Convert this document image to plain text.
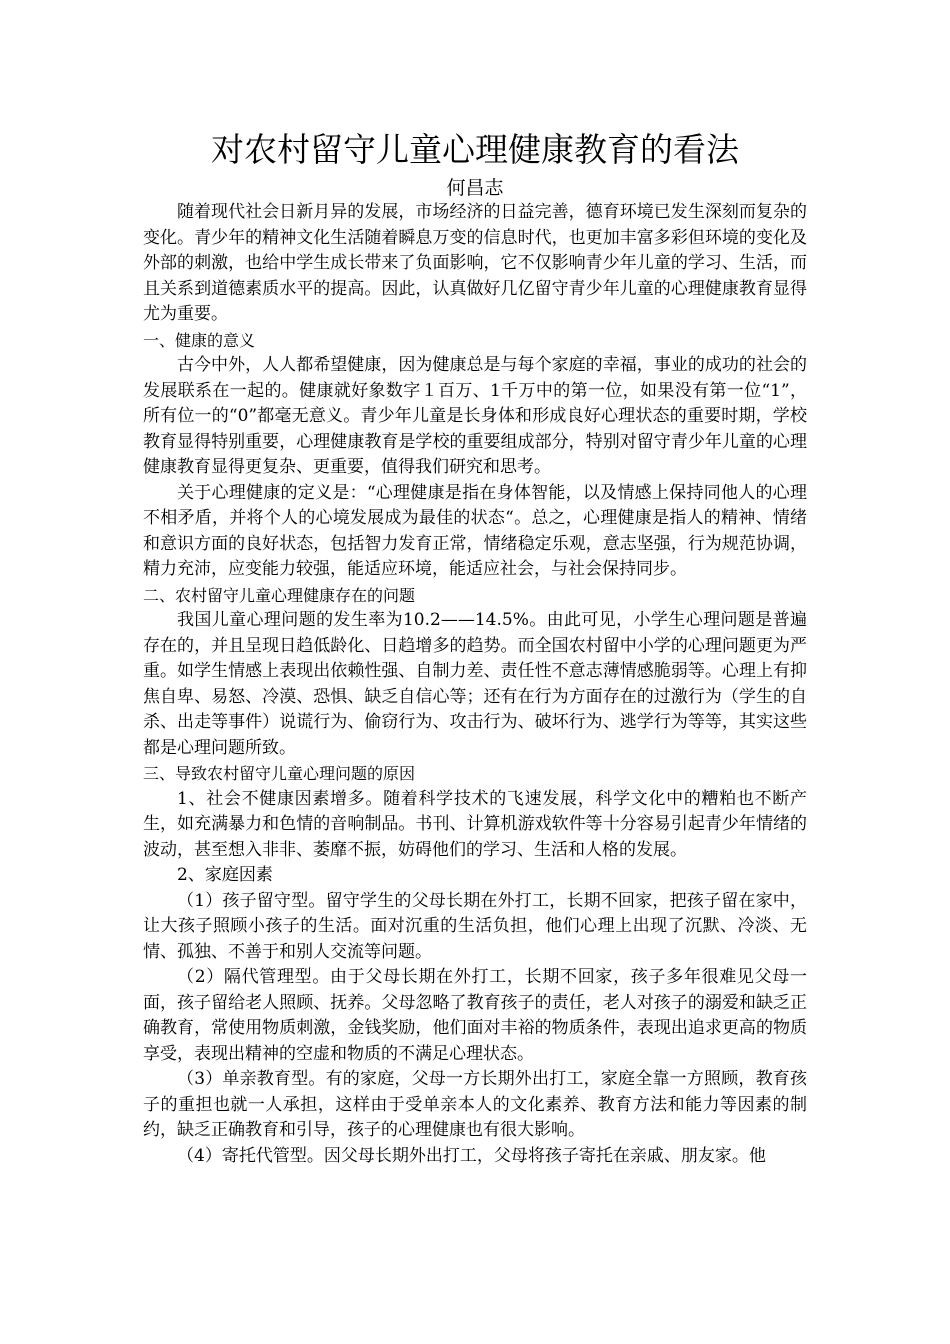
对农村留守儿童心理健康教育的看法
何昌志

随着现代社会日新月异的发展，市场经济的日益完善，德育环境已发生深刻而复杂的变化。青少年的精神文化生活随着瞬息万变的信息时代，也更加丰富多彩但环境的变化及外部的刺激，也给中学生成长带来了负面影响，它不仅影响青少年儿童的学习、生活，而且关系到道德素质水平的提高。因此，认真做好几亿留守青少年儿童的心理健康教育显得尤为重要。

一、健康的意义

古今中外，人人都希望健康，因为健康总是与每个家庭的幸福，事业的成功的社会的发展联系在一起的。健康就好象数字１百万、1千万中的第一位，如果没有第一位“1”，所有位一的“0”都毫无意义。青少年儿童是长身体和形成良好心理状态的重要时期，学校教育显得特别重要，心理健康教育是学校的重要组成部分，特别对留守青少年儿童的心理健康教育显得更复杂、更重要，值得我们研究和思考。

关于心理健康的定义是：“心理健康是指在身体智能，以及情感上保持同他人的心理不相矛盾，并将个人的心境发展成为最佳的状态“。总之，心理健康是指人的精神、情绪和意识方面的良好状态，包括智力发育正常，情绪稳定乐观，意志坚强，行为规范协调，精力充沛，应变能力较强，能适应环境，能适应社会，与社会保持同步。

二、农村留守儿童心理健康存在的问题

我国儿童心理问题的发生率为10.2——14.5%。由此可见，小学生心理问题是普遍存在的，并且呈现日趋低龄化、日趋增多的趋势。而全国农村留中小学的心理问题更为严重。如学生情感上表现出依赖性强、自制力差、责任性不意志薄情感脆弱等。心理上有抑焦自卑、易怒、冷漠、恐惧、缺乏自信心等；还有在行为方面存在的过激行为（学生的自杀、出走等事件）说谎行为、偷窃行为、攻击行为、破坏行为、逃学行为等等，其实这些都是心理问题所致。

三、导致农村留守儿童心理问题的原因

1、社会不健康因素增多。随着科学技术的飞速发展，科学文化中的糟粕也不断产生，如充满暴力和色情的音响制品。书刊、计算机游戏软件等十分容易引起青少年情绪的波动，甚至想入非非、萎靡不振，妨碍他们的学习、生活和人格的发展。

2、家庭因素

（1）孩子留守型。留守学生的父母长期在外打工，长期不回家，把孩子留在家中，让大孩子照顾小孩子的生活。面对沉重的生活负担，他们心理上出现了沉默、冷淡、无情、孤独、不善于和别人交流等问题。

（2）隔代管理型。由于父母长期在外打工，长期不回家，孩子多年很难见父母一面，孩子留给老人照顾、抚养。父母忽略了教育孩子的责任，老人对孩子的溺爱和缺乏正确教育，常使用物质刺激，金钱奖励，他们面对丰裕的物质条件，表现出追求更高的物质享受，表现出精神的空虚和物质的不满足心理状态。

（3）单亲教育型。有的家庭，父母一方长期外出打工，家庭全靠一方照顾，教育孩子的重担也就一人承担，这样由于受单亲本人的文化素养、教育方法和能力等因素的制约，缺乏正确教育和引导，孩子的心理健康也有很大影响。

（4）寄托代管型。因父母长期外出打工，父母将孩子寄托在亲戚、朋友家。他
